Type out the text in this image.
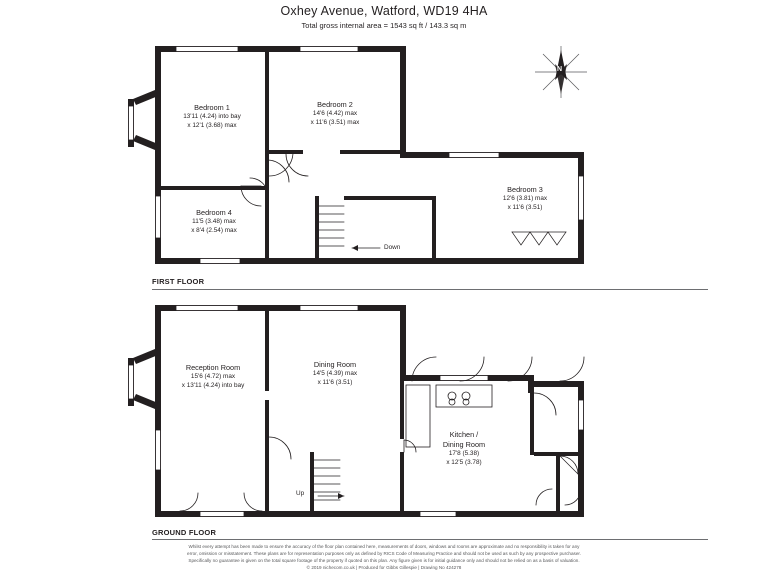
Oxhey Avenue, Watford, WD19 4HA
Total gross internal area = 1543 sq ft / 143.3 sq m
N
Bedroom 1
13'11 (4.24) into bay
x 12'1 (3.68) max
Bedroom 2
14'6 (4.42) max
x 11'6 (3.51) max
Bedroom 3
12'6 (3.81) max
x 11'6 (3.51)
Bedroom 4
11'5 (3.48) max
x 8'4 (2.54) max
Down
FIRST FLOOR
Reception Room
15'6 (4.72) max
x 13'11 (4.24) into bay
Dining Room
14'5 (4.39) max
x 11'6 (3.51)
Kitchen /
Dining Room
17'8 (5.38)
x 12'5 (3.78)
Up
GROUND FLOOR
Whilst every attempt has been made to ensure the accuracy of the floor plan contained here, measurements of doors, windows and rooms are approximate and no responsibility is taken for any
error, omission or misstatement. These plans are for representation purposes only as defined by RICS Code of Measuring Practice and should not be used as such by any prospective purchaser.
Specifically no guarantee is given on the total square footage of the property if quoted on this plan. Any figure given is for initial guidance only and should not be relied on as a basis of valuation.
© 2019 nichecom.co.uk | Produced for Gibbs Gillespie | Drawing No 424278
